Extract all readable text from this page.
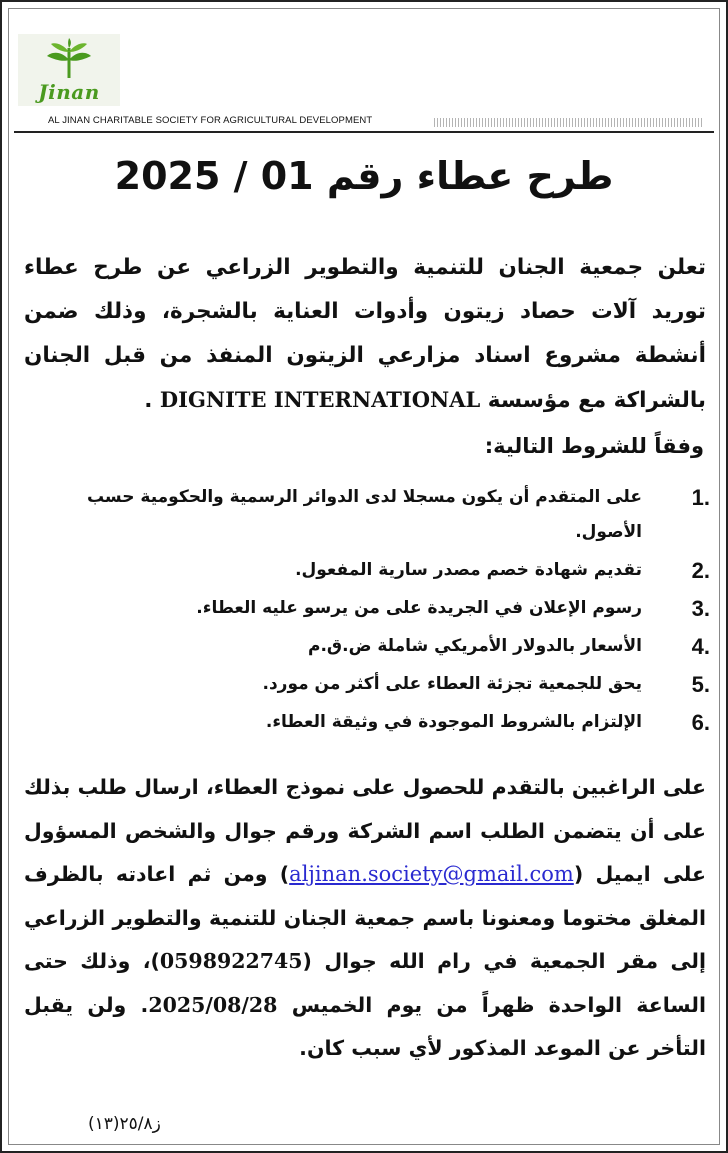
Jinan
AL JINAN CHARITABLE SOCIETY FOR AGRICULTURAL DEVELOPMENT
طرح عطاء رقم 01 / 2025
تعلن جمعية الجنان للتنمية والتطوير الزراعي عن طرح عطاء توريد آلات حصاد زيتون وأدوات العناية بالشجرة، وذلك ضمن أنشطة مشروع اسناد مزارعي الزيتون المنفذ من قبل الجنان بالشراكة مع مؤسسة DIGNITE INTERNATIONAL .
وفقاً للشروط التالية:
1.
على المتقدم أن يكون مسجلا لدى الدوائر الرسمية والحكومية حسب الأصول.
2.
تقديم شهادة خصم مصدر سارية المفعول.
3.
رسوم الإعلان في الجريدة على من يرسو عليه العطاء.
4.
الأسعار بالدولار الأمريكي شاملة ض.ق.م
5.
يحق للجمعية تجزئة العطاء على أكثر من مورد.
6.
الإلتزام بالشروط الموجودة في وثيقة العطاء.
على الراغبين بالتقدم للحصول على نموذج العطاء، ارسال طلب بذلك على أن يتضمن الطلب اسم الشركة ورقم جوال والشخص المسؤول على ايميل (aljinan.society@gmail.com) ومن ثم اعادته بالظرف المغلق مختوما ومعنونا باسم جمعية الجنان للتنمية والتطوير الزراعي إلى مقر الجمعية في رام الله جوال (0598922745)، وذلك حتى الساعة الواحدة ظهراً من يوم الخميس 2025/08/28. ولن يقبل التأخر عن الموعد المذكور لأي سبب كان.
ز٢٥/٨(١٣)
